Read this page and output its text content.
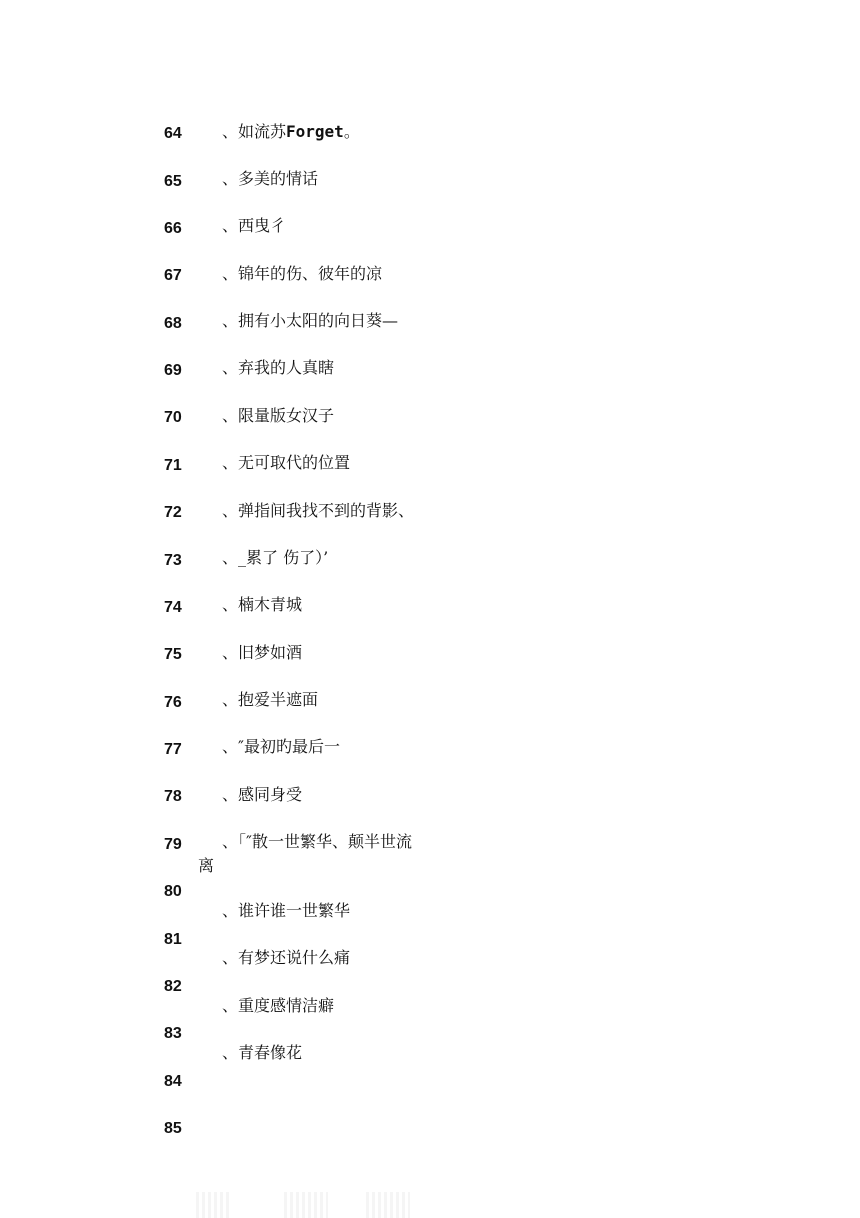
64
65
66
67
68
69
70
71
72
73
74
75
76
77
78
79
80
81
82
83
84
85
、如流苏Forget。
、多美的情话
、西曳彳
、锦年的伤、彼年的凉
、拥有小太阳的向日葵—
、弃我的人真瞎
、限量版女汉子
、无可取代的位置
、弹指间我找不到的背影、
、_累了 伤了）’
、楠木青城
、旧梦如酒
、抱爱半遮面
、″最初旳最后一
、感同身受
、「″散一世繁华、颠半世流
离
、谁许谁一世繁华
、有梦还说什么痛
、重度感情洁癖
、青春像花
